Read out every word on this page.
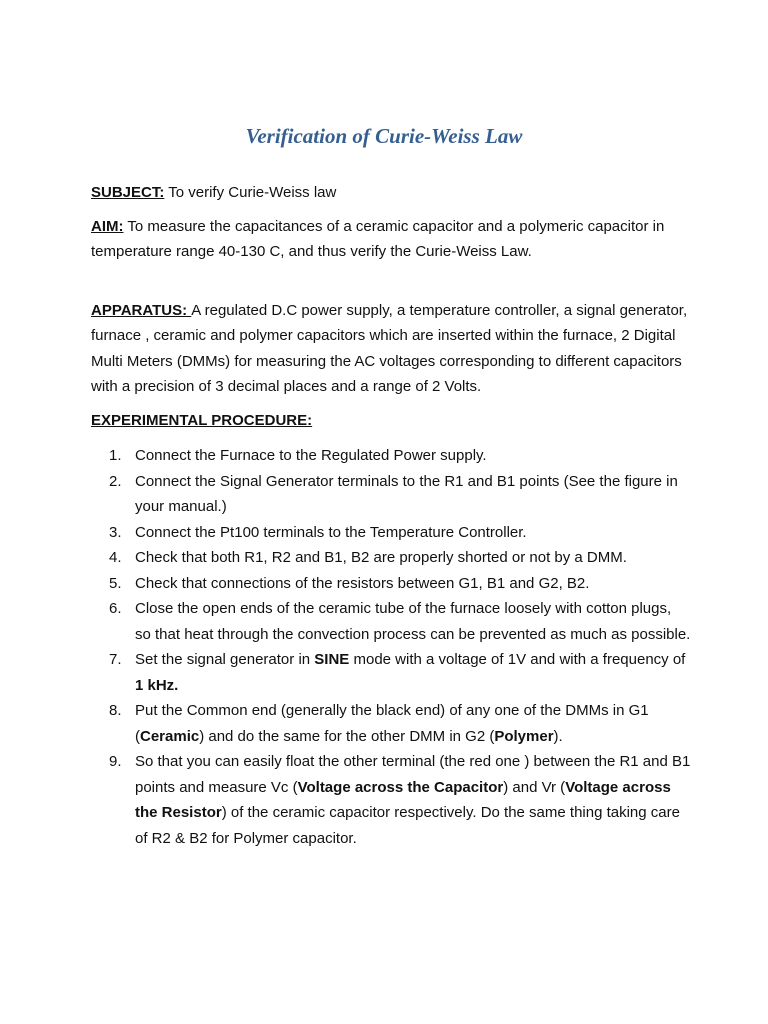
Verification of Curie-Weiss Law

SUBJECT: To verify Curie-Weiss law

AIM: To measure the capacitances of a ceramic capacitor and a polymeric capacitor in temperature range 40-130 C, and thus verify the Curie-Weiss Law.

APPARATUS: A regulated D.C power supply, a temperature controller, a signal generator, furnace , ceramic and polymer capacitors which are inserted within the furnace, 2 Digital Multi Meters (DMMs) for measuring the AC voltages corresponding to different capacitors with a precision of 3 decimal places and a range of 2 Volts.

EXPERIMENTAL PROCEDURE:

1. Connect the Furnace to the Regulated Power supply.
2. Connect the Signal Generator terminals to the R1 and B1 points (See the figure in your manual.)
3. Connect the Pt100 terminals to the Temperature Controller.
4. Check that both R1, R2 and B1, B2 are properly shorted or not by a DMM.
5. Check that connections of the resistors between G1, B1 and G2, B2.
6. Close the open ends of the ceramic tube of the furnace loosely with cotton plugs, so that heat through the convection process can be prevented as much as possible.
7. Set the signal generator in SINE mode with a voltage of 1V and with a frequency of 1 kHz.
8. Put the Common end (generally the black end) of any one of the DMMs in G1 (Ceramic) and do the same for the other DMM in G2 (Polymer).
9. So that you can easily float the other terminal (the red one ) between the R1 and B1 points and measure Vc (Voltage across the Capacitor) and Vr (Voltage across the Resistor) of the ceramic capacitor respectively. Do the same thing taking care of R2 & B2 for Polymer capacitor.
